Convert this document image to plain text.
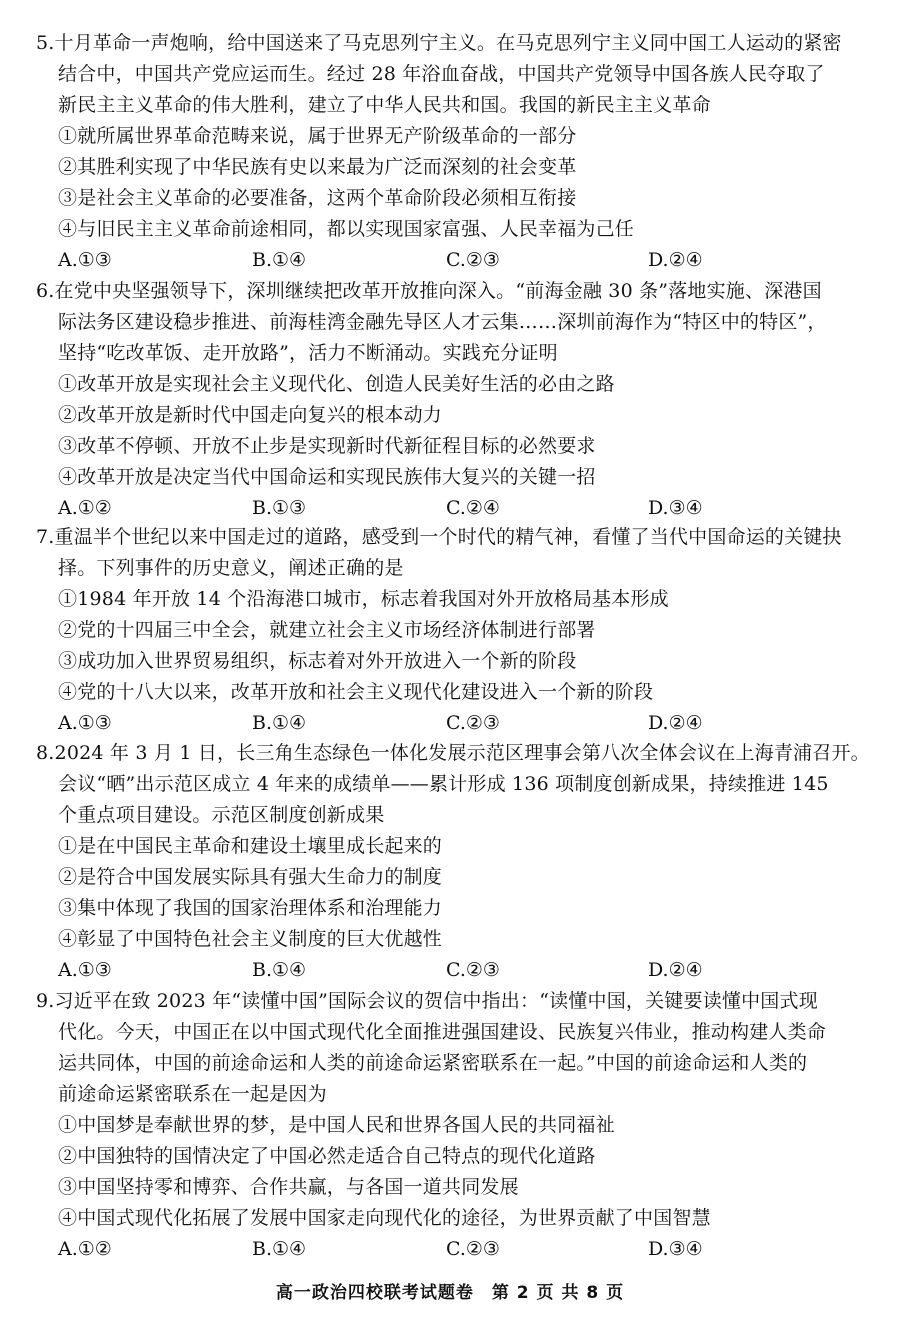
5.十月革命一声炮响，给中国送来了马克思列宁主义。在马克思列宁主义同中国工人运动的紧密
结合中，中国共产党应运而生。经过 28 年浴血奋战，中国共产党领导中国各族人民夺取了
新民主主义革命的伟大胜利，建立了中华人民共和国。我国的新民主主义革命
①就所属世界革命范畴来说，属于世界无产阶级革命的一部分
②其胜利实现了中华民族有史以来最为广泛而深刻的社会变革
③是社会主义革命的必要准备，这两个革命阶段必须相互衔接
④与旧民主主义革命前途相同，都以实现国家富强、人民幸福为己任
A.①③	B.①④	C.②③	D.②④
6.在党中央坚强领导下，深圳继续把改革开放推向深入。“前海金融 30 条”落地实施、深港国
际法务区建设稳步推进、前海桂湾金融先导区人才云集……深圳前海作为“特区中的特区”，
坚持“吃改革饭、走开放路”，活力不断涌动。实践充分证明
①改革开放是实现社会主义现代化、创造人民美好生活的必由之路
②改革开放是新时代中国走向复兴的根本动力
③改革不停顿、开放不止步是实现新时代新征程目标的必然要求
④改革开放是决定当代中国命运和实现民族伟大复兴的关键一招
A.①②	B.①③	C.②④	D.③④
7.重温半个世纪以来中国走过的道路，感受到一个时代的精气神，看懂了当代中国命运的关键抉
择。下列事件的历史意义，阐述正确的是
①1984 年开放 14 个沿海港口城市，标志着我国对外开放格局基本形成
②党的十四届三中全会，就建立社会主义市场经济体制进行部署
③成功加入世界贸易组织，标志着对外开放进入一个新的阶段
④党的十八大以来，改革开放和社会主义现代化建设进入一个新的阶段
A.①③	B.①④	C.②③	D.②④
8.2024 年 3 月 1 日，长三角生态绿色一体化发展示范区理事会第八次全体会议在上海青浦召开。
会议“晒”出示范区成立 4 年来的成绩单——累计形成 136 项制度创新成果，持续推进 145
个重点项目建设。示范区制度创新成果
①是在中国民主革命和建设土壤里成长起来的
②是符合中国发展实际具有强大生命力的制度
③集中体现了我国的国家治理体系和治理能力
④彰显了中国特色社会主义制度的巨大优越性
A.①③	B.①④	C.②③	D.②④
9.习近平在致 2023 年“读懂中国”国际会议的贺信中指出：“读懂中国，关键要读懂中国式现
代化。今天，中国正在以中国式现代化全面推进强国建设、民族复兴伟业，推动构建人类命
运共同体，中国的前途命运和人类的前途命运紧密联系在一起。”中国的前途命运和人类的
前途命运紧密联系在一起是因为
①中国梦是奉献世界的梦，是中国人民和世界各国人民的共同福祉
②中国独特的国情决定了中国必然走适合自己特点的现代化道路
③中国坚持零和博弈、合作共赢，与各国一道共同发展
④中国式现代化拓展了发展中国家走向现代化的途径，为世界贡献了中国智慧
A.①②	B.①④	C.②③	D.③④
高一政治四校联考试题卷　第 2 页 共 8 页
